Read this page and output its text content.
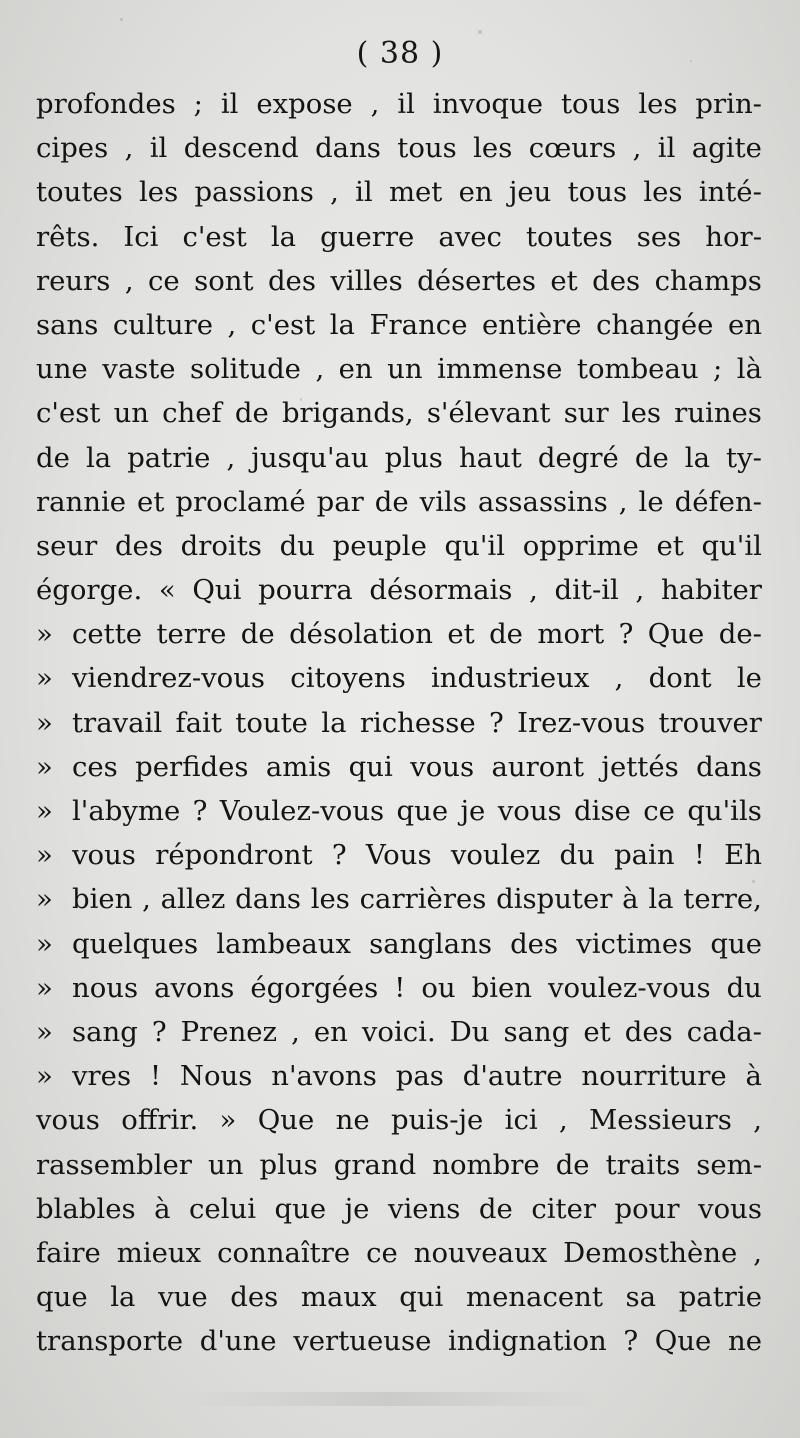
( 38 )
profondes ; il expose , il invoque tous les prin-
cipes , il descend dans tous les cœurs , il agite
toutes les passions , il met en jeu tous les inté-
rêts. Ici c'est la guerre avec toutes ses hor-
reurs , ce sont des villes désertes et des champs
sans culture , c'est la France entière changée en
une vaste solitude , en un immense tombeau ; là
c'est un chef de brigands, s'élevant sur les ruines
de la patrie , jusqu'au plus haut degré de la ty-
rannie et proclamé par de vils assassins , le défen-
seur des droits du peuple qu'il opprime et qu'il
égorge. « Qui pourra désormais , dit-il , habiter
» cette terre de désolation et de mort ? Que de-
» viendrez-vous citoyens industrieux , dont le
» travail fait toute la richesse ? Irez-vous trouver
» ces perfides amis qui vous auront jettés dans
» l'abyme ? Voulez-vous que je vous dise ce qu'ils
» vous répondront ? Vous voulez du pain ! Eh
» bien , allez dans les carrières disputer à la terre,
» quelques lambeaux sanglans des victimes que
» nous avons égorgées ! ou bien voulez-vous du
» sang ? Prenez , en voici. Du sang et des cada-
» vres ! Nous n'avons pas d'autre nourriture à
vous offrir. » Que ne puis-je ici , Messieurs ,
rassembler un plus grand nombre de traits sem-
blables à celui que je viens de citer pour vous
faire mieux connaître ce nouveaux Demosthène ,
que la vue des maux qui menacent sa patrie
transporte d'une vertueuse indignation ? Que ne
